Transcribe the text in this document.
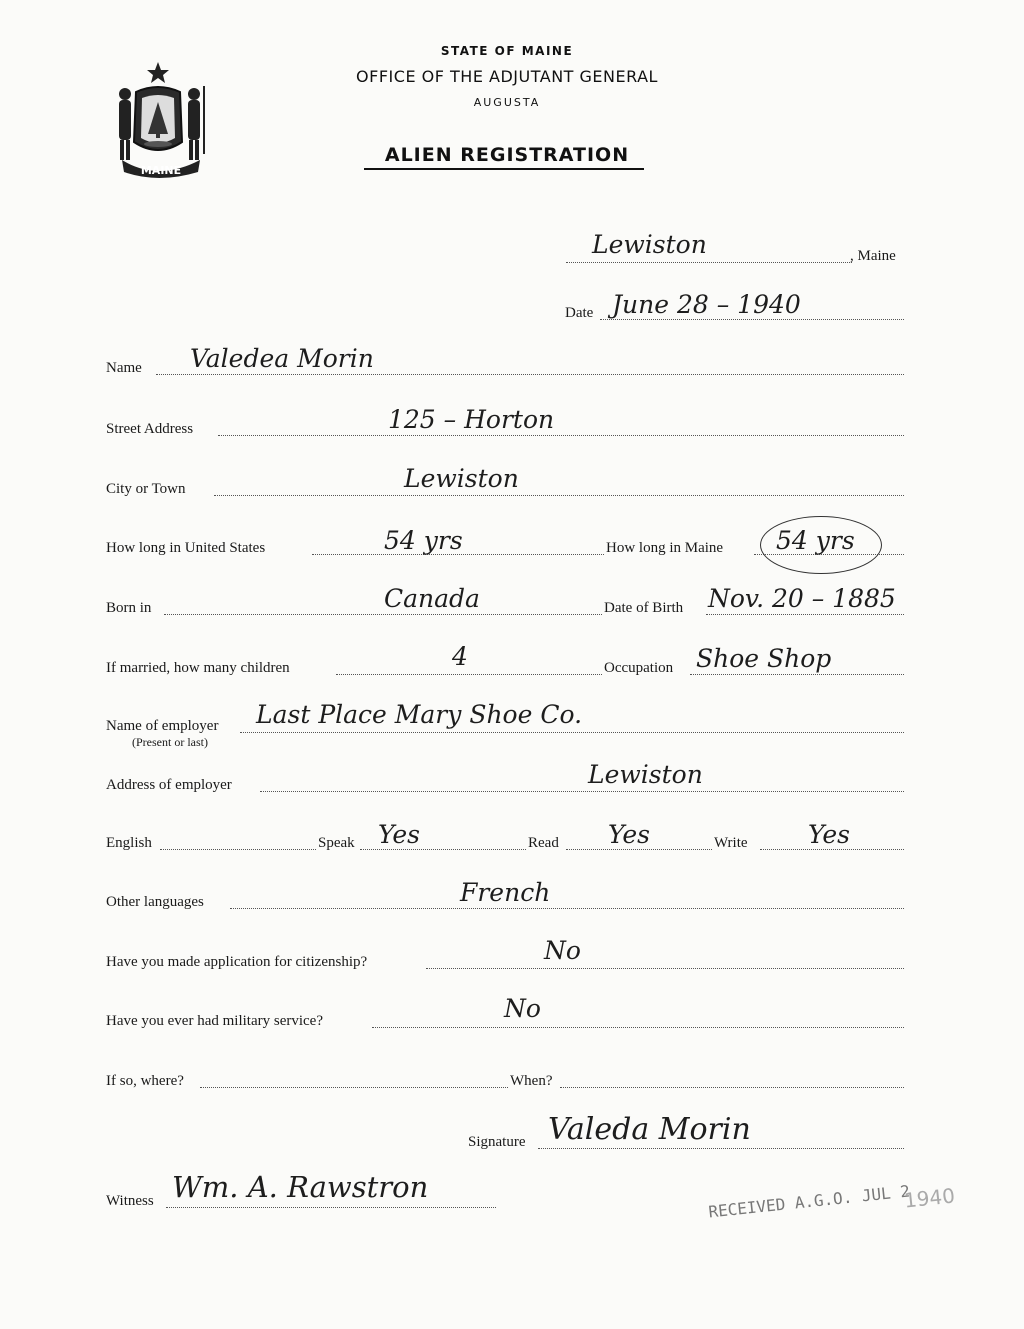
MAINE
STATE OF MAINE
OFFICE OF THE ADJUTANT GENERAL
AUGUSTA
ALIEN REGISTRATION
Lewiston	, Maine
Date June 28 – 1940
Name Valedea Morin
Street Address	125 – Horton
City or Town	Lewiston
How long in United States	54 yrs	How long in Maine 54 yrs
Born in	Canada	Date of Birth Nov. 20 – 1885
If married, how many children	4	Occupation Shoe Shop
Name of employer
(Present or last)
Last Place Mary Shoe Co.
Address of employer	Lewiston
English	Speak Yes	Read Yes	Write Yes
Other languages	French
Have you made application for citizenship?	No
Have you ever had military service?	No
If so, where?	When?
Signature Valeda Morin
Witness Wm. A. Rawstron	RECEIVED A.G.O. JUL 2
1940
